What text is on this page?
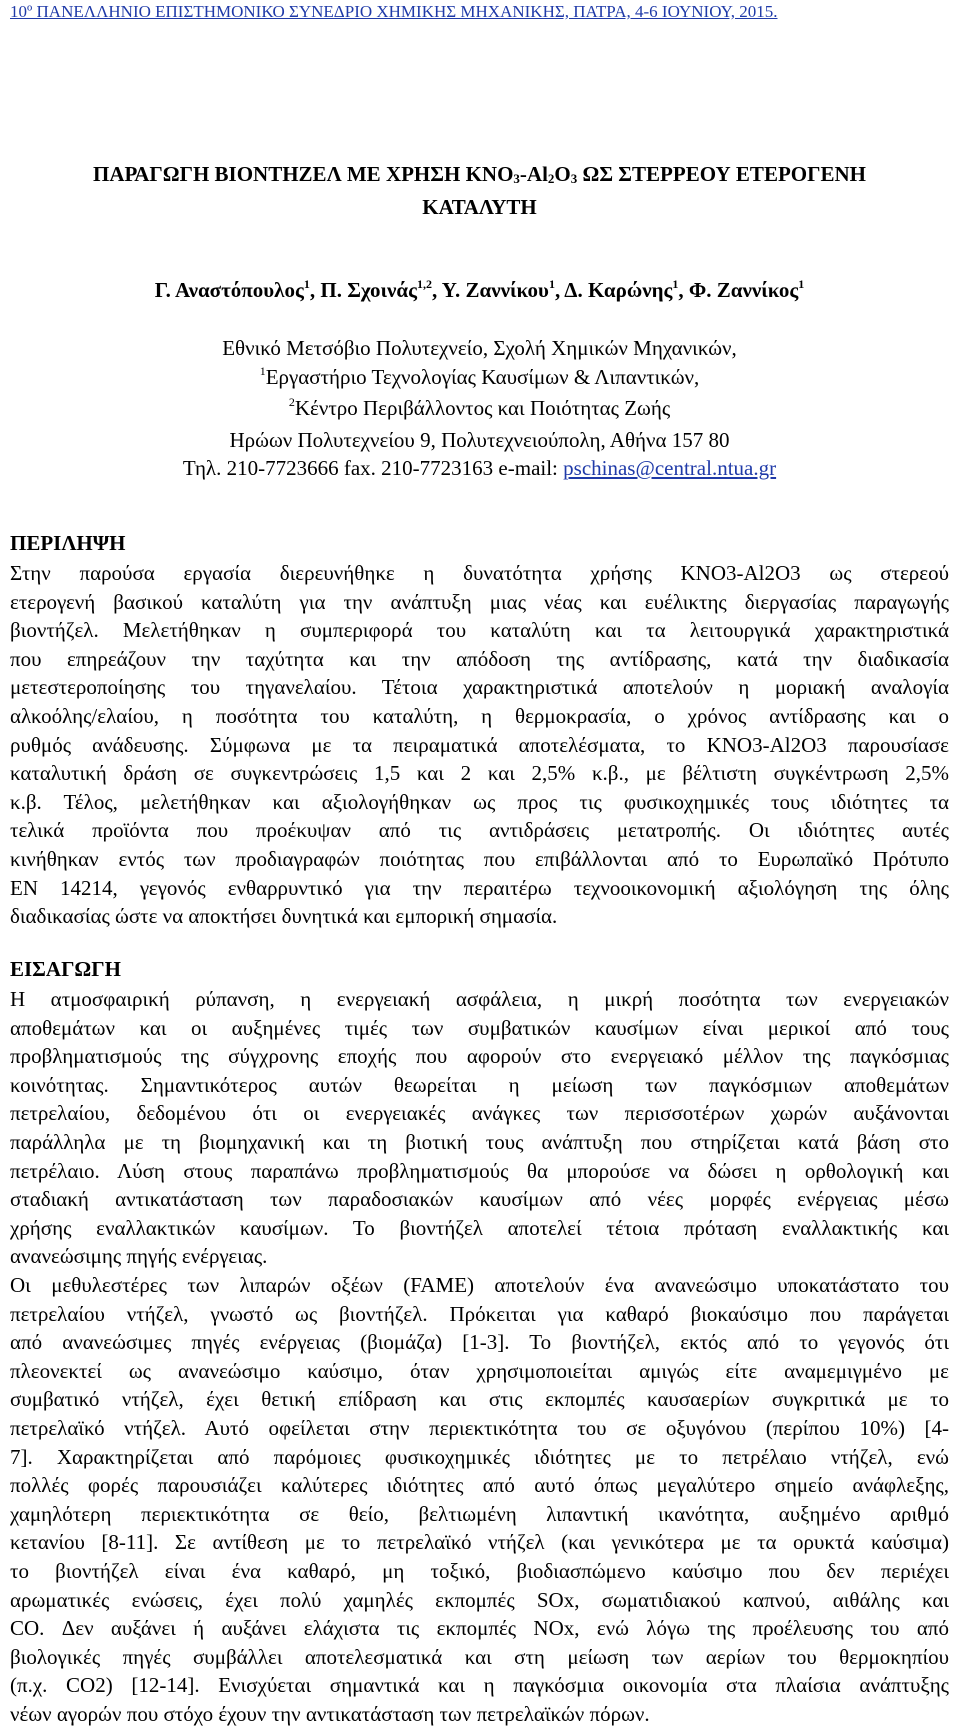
10º ΠΑΝΕΛΛΗΝΙΟ ΕΠΙΣΤΗΜΟΝΙΚΟ ΣΥΝΕΔΡΙΟ ΧΗΜΙΚΗΣ ΜΗΧΑΝΙΚΗΣ, ΠΑΤΡΑ, 4-6 ΙΟΥΝΙΟΥ, 2015.
ΠΑΡΑΓΩΓΗ ΒΙΟΝΤΗΖΕΛ ΜΕ ΧΡΗΣΗ $KNO_3-Al_2O_3$ ΩΣ ΣΤΕΡΡΕΟΥ ΕΤΕΡΟΓΕΝΗ
ΚΑΤΑΛΥΤΗ
Γ. Αναστόπουλος$^1$, Π. Σχοινάς$^{1,2}$, Υ. Ζαννίκου$^1$, Δ. Καρώνης$^1$, Φ. Ζαννίκος$^1$
Εθνικό Μετσόβιο Πολυτεχνείο, Σχολή Χημικών Μηχανικών,
$^1$Εργαστήριο Τεχνολογίας Καυσίμων & Λιπαντικών,
$^2$Κέντρο Περιβάλλοντος και Ποιότητας Ζωής
Ηρώων Πολυτεχνείου 9, Πολυτεχνειούπολη, Αθήνα 157 80
Τηλ. 210-7723666 fax. 210-7723163 e-mail: pschinas@central.ntua.gr
ΠΕΡΙΛΗΨΗ
Στην παρούσα εργασία διερευνήθηκε η δυνατότητα χρήσης KNO3-Al2O3 ως στερεού
ετερογενή βασικού καταλύτη για την ανάπτυξη μιας νέας και ευέλικτης διεργασίας παραγωγής
βιοντήζελ. Μελετήθηκαν η συμπεριφορά του καταλύτη και τα λειτουργικά χαρακτηριστικά
που επηρεάζουν την ταχύτητα και την απόδοση της αντίδρασης, κατά την διαδικασία
μετεστεροποίησης του τηγανελαίου. Τέτοια χαρακτηριστικά αποτελούν η μοριακή αναλογία
αλκοόλης/ελαίου, η ποσότητα του καταλύτη, η θερμοκρασία, ο χρόνος αντίδρασης και ο
ρυθμός ανάδευσης. Σύμφωνα με τα πειραματικά αποτελέσματα, το KNO3-Al2O3 παρουσίασε
καταλυτική δράση σε συγκεντρώσεις 1,5 και 2 και 2,5% κ.β., με βέλτιστη συγκέντρωση 2,5%
κ.β. Τέλος, μελετήθηκαν και αξιολογήθηκαν ως προς τις φυσικοχημικές τους ιδιότητες τα
τελικά προϊόντα που προέκυψαν από τις αντιδράσεις μετατροπής. Οι ιδιότητες αυτές
κινήθηκαν εντός των προδιαγραφών ποιότητας που επιβάλλονται από το Ευρωπαϊκό Πρότυπο
EN 14214, γεγονός ενθαρρυντικό για την περαιτέρω τεχνοοικονομική αξιολόγηση της όλης
διαδικασίας ώστε να αποκτήσει δυνητικά και εμπορική σημασία.
ΕΙΣΑΓΩΓΗ
Η ατμοσφαιρική ρύπανση, η ενεργειακή ασφάλεια, η μικρή ποσότητα των ενεργειακών
αποθεμάτων και οι αυξημένες τιμές των συμβατικών καυσίμων είναι μερικοί από τους
προβληματισμούς της σύγχρονης εποχής που αφορούν στο ενεργειακό μέλλον της παγκόσμιας
κοινότητας. Σημαντικότερος αυτών θεωρείται η μείωση των παγκόσμιων αποθεμάτων
πετρελαίου, δεδομένου ότι οι ενεργειακές ανάγκες των περισσοτέρων χωρών αυξάνονται
παράλληλα με τη βιομηχανική και τη βιοτική τους ανάπτυξη που στηρίζεται κατά βάση στο
πετρέλαιο. Λύση στους παραπάνω προβληματισμούς θα μπορούσε να δώσει η ορθολογική και
σταδιακή αντικατάσταση των παραδοσιακών καυσίμων από νέες μορφές ενέργειας μέσω
χρήσης εναλλακτικών καυσίμων. Το βιοντήζελ αποτελεί τέτοια πρόταση εναλλακτικής και
ανανεώσιμης πηγής ενέργειας.
Οι μεθυλεστέρες των λιπαρών οξέων (FAME) αποτελούν ένα ανανεώσιμο υποκατάστατο του
πετρελαίου ντήζελ, γνωστό ως βιοντήζελ. Πρόκειται για καθαρό βιοκαύσιμο που παράγεται
από ανανεώσιμες πηγές ενέργειας (βιομάζα) [1-3]. Το βιοντήζελ, εκτός από το γεγονός ότι
πλεονεκτεί ως ανανεώσιμο καύσιμο, όταν χρησιμοποιείται αμιγώς είτε αναμεμιγμένο με
συμβατικό ντήζελ, έχει θετική επίδραση και στις εκπομπές καυσαερίων συγκριτικά με το
πετρελαϊκό ντήζελ. Αυτό οφείλεται στην περιεκτικότητα του σε οξυγόνου (περίπου 10%) [4-
7]. Χαρακτηρίζεται από παρόμοιες φυσικοχημικές ιδιότητες με το πετρέλαιο ντήζελ, ενώ
πολλές φορές παρουσιάζει καλύτερες ιδιότητες από αυτό όπως μεγαλύτερο σημείο ανάφλεξης,
χαμηλότερη περιεκτικότητα σε θείο, βελτιωμένη λιπαντική ικανότητα, αυξημένο αριθμό
κετανίου [8-11]. Σε αντίθεση με το πετρελαϊκό ντήζελ (και γενικότερα με τα ορυκτά καύσιμα)
το βιοντήζελ είναι ένα καθαρό, μη τοξικό, βιοδιασπώμενο καύσιμο που δεν περιέχει
αρωματικές ενώσεις, έχει πολύ χαμηλές εκπομπές SOx, σωματιδιακού καπνού, αιθάλης και
CO. Δεν αυξάνει ή αυξάνει ελάχιστα τις εκπομπές NOx, ενώ λόγω της προέλευσης του από
βιολογικές πηγές συμβάλλει αποτελεσματικά και στη μείωση των αερίων του θερμοκηπίου
(π.χ. CO2) [12-14]. Ενισχύεται σημαντικά και η παγκόσμια οικονομία στα πλαίσια ανάπτυξης
νέων αγορών που στόχο έχουν την αντικατάσταση των πετρελαϊκών πόρων.
